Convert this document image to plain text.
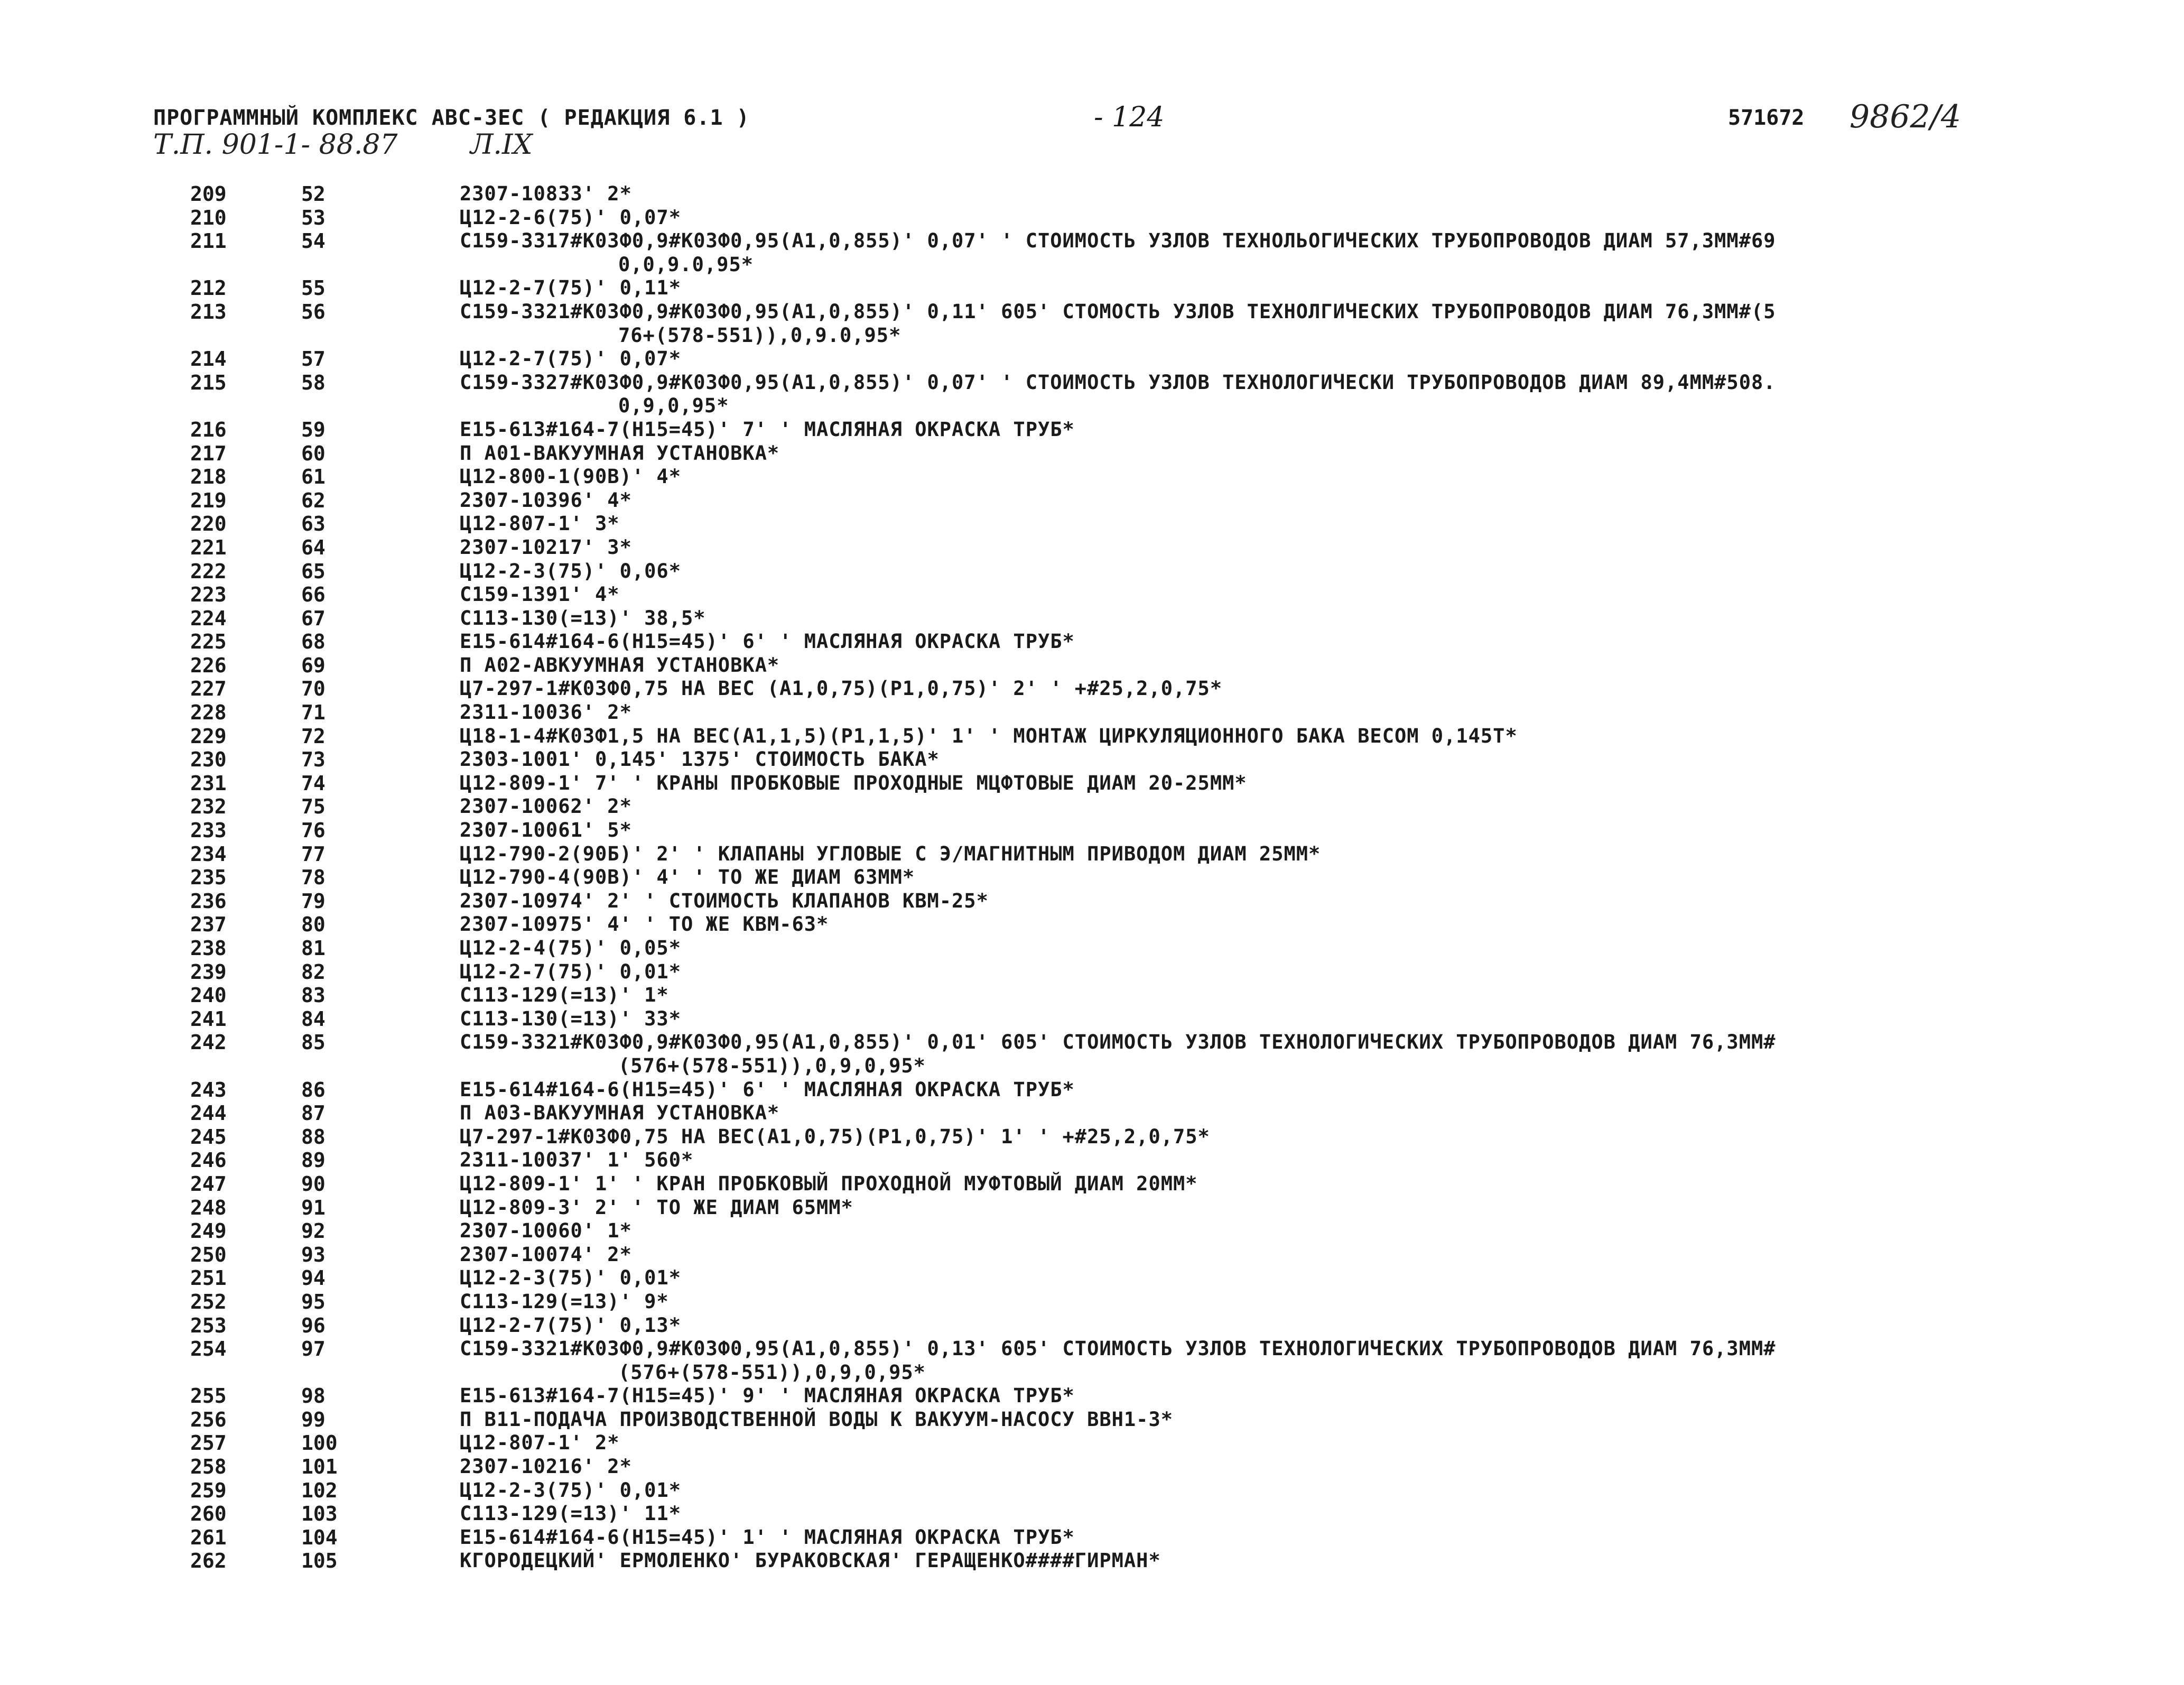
ПРОГРАММНЫЙ КОМПЛЕКС АВС-3ЕС ( РЕДАКЦИЯ 6.1 )	- 124	571672 9862/4
Т.П. 901-1- 88.87	Л.IX
209	52	2307-10833' 2*
210	53	Ц12-2-6(75)' 0,07*
211	54	С159-3317#К03Ф0,9#К03Ф0,95(А1,0,855)' 0,07' ' СТОИМОСТЬ УЗЛОВ ТЕХНОЛЬОГИЧЕСКИХ ТРУБОПРОВОДОВ ДИАМ 57,3ММ#69
0,0,9.0,95*
212	55	Ц12-2-7(75)' 0,11*
213	56	С159-3321#К03Ф0,9#К03Ф0,95(А1,0,855)' 0,11' 605' СТОМОСТЬ УЗЛОВ ТЕХНОЛГИЧЕСКИХ ТРУБОПРОВОДОВ ДИАМ 76,3ММ#(5
76+(578-551)),0,9.0,95*
214	57	Ц12-2-7(75)' 0,07*
215	58	С159-3327#К03Ф0,9#К03Ф0,95(А1,0,855)' 0,07' ' СТОИМОСТЬ УЗЛОВ ТЕХНОЛОГИЧЕСКИ ТРУБОПРОВОДОВ ДИАМ 89,4ММ#508.
0,9,0,95*
216	59	Е15-613#164-7(Н15=45)' 7' ' МАСЛЯНАЯ ОКРАСКА ТРУБ*
217	60	П А01-ВАКУУМНАЯ УСТАНОВКА*
218	61	Ц12-800-1(90В)' 4*
219	62	2307-10396' 4*
220	63	Ц12-807-1' 3*
221	64	2307-10217' 3*
222	65	Ц12-2-3(75)' 0,06*
223	66	С159-1391' 4*
224	67	С113-130(=13)' 38,5*
225	68	Е15-614#164-6(Н15=45)' 6' ' МАСЛЯНАЯ ОКРАСКА ТРУБ*
226	69	П А02-АВКУУМНАЯ УСТАНОВКА*
227	70	Ц7-297-1#К03Ф0,75 НА ВЕС (А1,0,75)(Р1,0,75)' 2' ' +#25,2,0,75*
228	71	2311-10036' 2*
229	72	Ц18-1-4#К03Ф1,5 НА ВЕС(А1,1,5)(Р1,1,5)' 1' ' МОНТАЖ ЦИРКУЛЯЦИОННОГО БАКА ВЕСОМ 0,145Т*
230	73	2303-1001' 0,145' 1375' СТОИМОСТЬ БАКА*
231	74	Ц12-809-1' 7' ' КРАНЫ ПРОБКОВЫЕ ПРОХОДНЫЕ МЦФТОВЫЕ ДИАМ 20-25ММ*
232	75	2307-10062' 2*
233	76	2307-10061' 5*
234	77	Ц12-790-2(90Б)' 2' ' КЛАПАНЫ УГЛОВЫЕ С Э/МАГНИТНЫМ ПРИВОДОМ ДИАМ 25ММ*
235	78	Ц12-790-4(90В)' 4' ' ТО ЖЕ ДИАМ 63ММ*
236	79	2307-10974' 2' ' СТОИМОСТЬ КЛАПАНОВ КВМ-25*
237	80	2307-10975' 4' ' ТО ЖЕ КВМ-63*
238	81	Ц12-2-4(75)' 0,05*
239	82	Ц12-2-7(75)' 0,01*
240	83	С113-129(=13)' 1*
241	84	С113-130(=13)' 33*
242	85	С159-3321#К03Ф0,9#К03Ф0,95(А1,0,855)' 0,01' 605' СТОИМОСТЬ УЗЛОВ ТЕХНОЛОГИЧЕСКИХ ТРУБОПРОВОДОВ ДИАМ 76,3ММ#
(576+(578-551)),0,9,0,95*
243	86	Е15-614#164-6(Н15=45)' 6' ' МАСЛЯНАЯ ОКРАСКА ТРУБ*
244	87	П А03-ВАКУУМНАЯ УСТАНОВКА*
245	88	Ц7-297-1#К03Ф0,75 НА ВЕС(А1,0,75)(Р1,0,75)' 1' ' +#25,2,0,75*
246	89	2311-10037' 1' 560*
247	90	Ц12-809-1' 1' ' КРАН ПРОБКОВЫЙ ПРОХОДНОЙ МУФТОВЫЙ ДИАМ 20ММ*
248	91	Ц12-809-3' 2' ' ТО ЖЕ ДИАМ 65ММ*
249	92	2307-10060' 1*
250	93	2307-10074' 2*
251	94	Ц12-2-3(75)' 0,01*
252	95	С113-129(=13)' 9*
253	96	Ц12-2-7(75)' 0,13*
254	97	С159-3321#К03Ф0,9#К03Ф0,95(А1,0,855)' 0,13' 605' СТОИМОСТЬ УЗЛОВ ТЕХНОЛОГИЧЕСКИХ ТРУБОПРОВОДОВ ДИАМ 76,3ММ#
(576+(578-551)),0,9,0,95*
255	98	Е15-613#164-7(Н15=45)' 9' ' МАСЛЯНАЯ ОКРАСКА ТРУБ*
256	99	П В11-ПОДАЧА ПРОИЗВОДСТВЕННОЙ ВОДЫ К ВАКУУМ-НАСОСУ ВВН1-3*
257	100	Ц12-807-1' 2*
258	101	2307-10216' 2*
259	102	Ц12-2-3(75)' 0,01*
260	103	С113-129(=13)' 11*
261	104	Е15-614#164-6(Н15=45)' 1' ' МАСЛЯНАЯ ОКРАСКА ТРУБ*
262	105	КГОРОДЕЦКИЙ' ЕРМОЛЕНКО' БУРАКОВСКАЯ' ГЕРАЩЕНКО####ГИРМАН*
